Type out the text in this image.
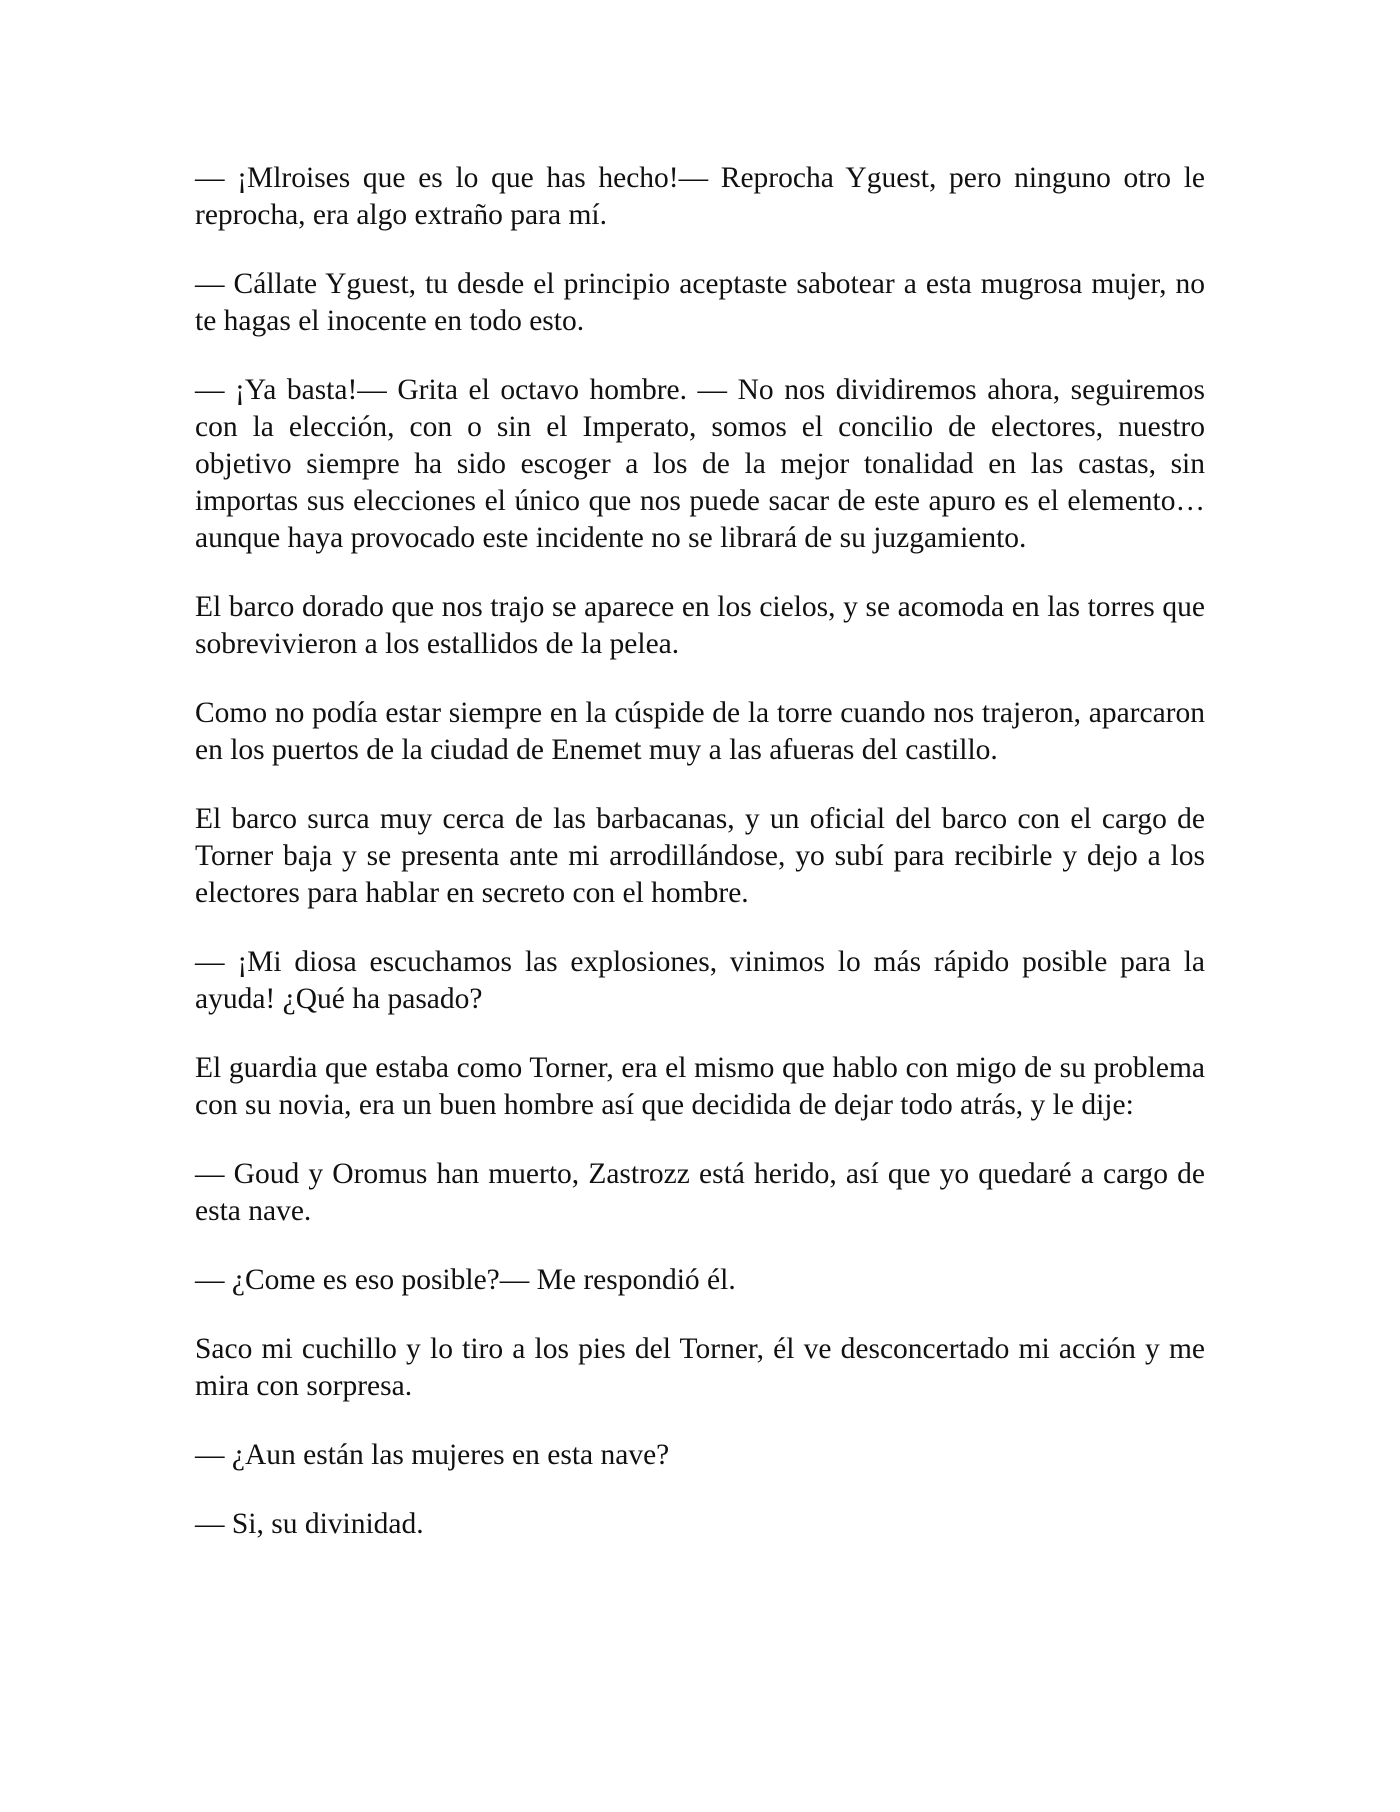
— ¡Mlroises que es lo que has hecho!— Reprocha Yguest, pero ninguno otro le reprocha, era algo extraño para mí.

— Cállate Yguest, tu desde el principio aceptaste sabotear a esta mugrosa mujer, no te hagas el inocente en todo esto.

— ¡Ya basta!— Grita el octavo hombre. — No nos dividiremos ahora, seguiremos con la elección, con o sin el Imperato, somos el concilio de electores, nuestro objetivo siempre ha sido escoger a los de la mejor tonalidad en las castas, sin importas sus elecciones el único que nos puede sacar de este apuro es el elemento… aunque haya provocado este incidente no se librará de su juzgamiento.

El barco dorado que nos trajo se aparece en los cielos, y se acomoda en las torres que sobrevivieron a los estallidos de la pelea.

Como no podía estar siempre en la cúspide de la torre cuando nos trajeron, aparcaron en los puertos de la ciudad de Enemet muy a las afueras del castillo.

El barco surca muy cerca de las barbacanas, y un oficial del barco con el cargo de Torner baja y se presenta ante mi arrodillándose, yo subí para recibirle y dejo a los electores para hablar en secreto con el hombre.

— ¡Mi diosa escuchamos las explosiones, vinimos lo más rápido posible para la ayuda! ¿Qué ha pasado?

El guardia que estaba como Torner, era el mismo que hablo con migo de su problema con su novia, era un buen hombre así que decidida de dejar todo atrás, y le dije:

— Goud y Oromus han muerto, Zastrozz está herido, así que yo quedaré a cargo de esta nave.

— ¿Come es eso posible?— Me respondió él.

Saco mi cuchillo y lo tiro a los pies del Torner, él ve desconcertado mi acción y me mira con sorpresa.

— ¿Aun están las mujeres en esta nave?

— Si, su divinidad.
